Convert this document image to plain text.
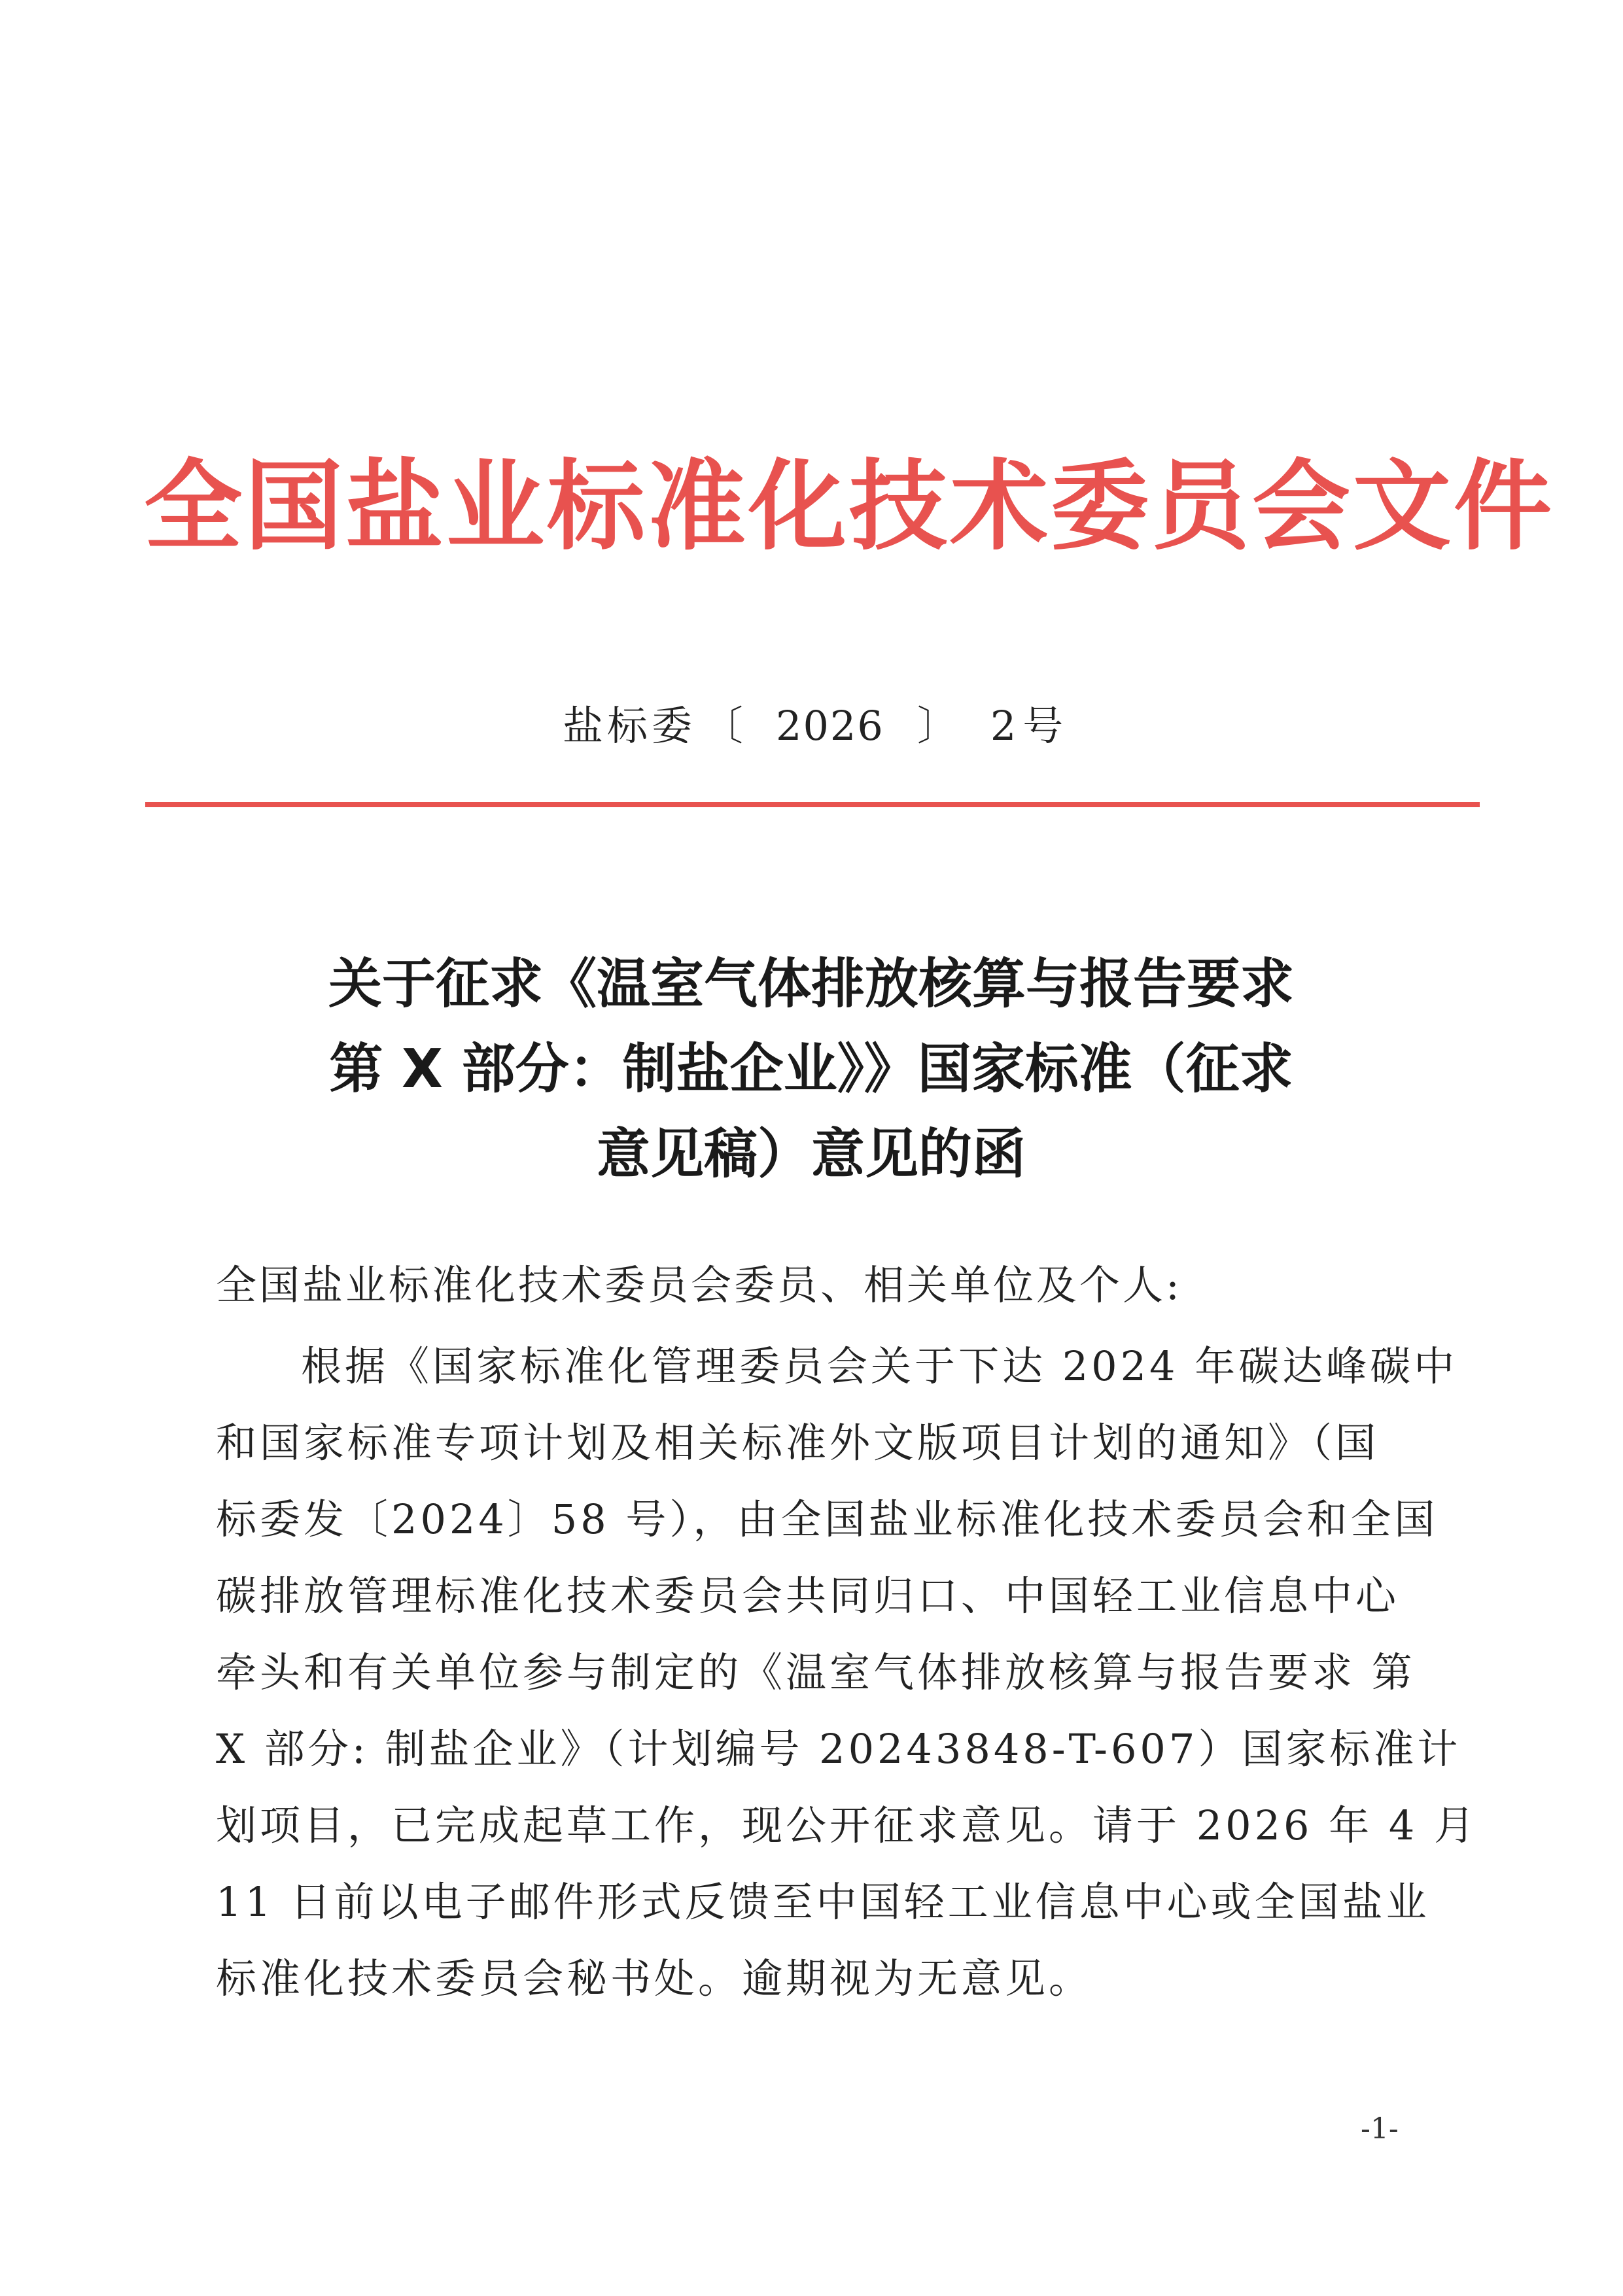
全国盐业标准化技术委员会文件
盐标委 〔 2026 〕 2 号
关于征求《温室气体排放核算与报告要求
第 X 部分：制盐企业》》国家标准（征求
意见稿）意见的函
全国盐业标准化技术委员会委员、相关单位及个人:
根据《国家标准化管理委员会关于下达 2024 年碳达峰碳中
和国家标准专项计划及相关标准外文版项目计划的通知》（国
标委发〔2024〕58 号），由全国盐业标准化技术委员会和全国
碳排放管理标准化技术委员会共同归口、中国轻工业信息中心
牵头和有关单位参与制定的《温室气体排放核算与报告要求 第
X 部分: 制盐企业》（计划编号 20243848-T-607）国家标准计
划项目，已完成起草工作，现公开征求意见。请于 2026 年 4 月
11 日前以电子邮件形式反馈至中国轻工业信息中心或全国盐业
标准化技术委员会秘书处。逾期视为无意见。
-1-
